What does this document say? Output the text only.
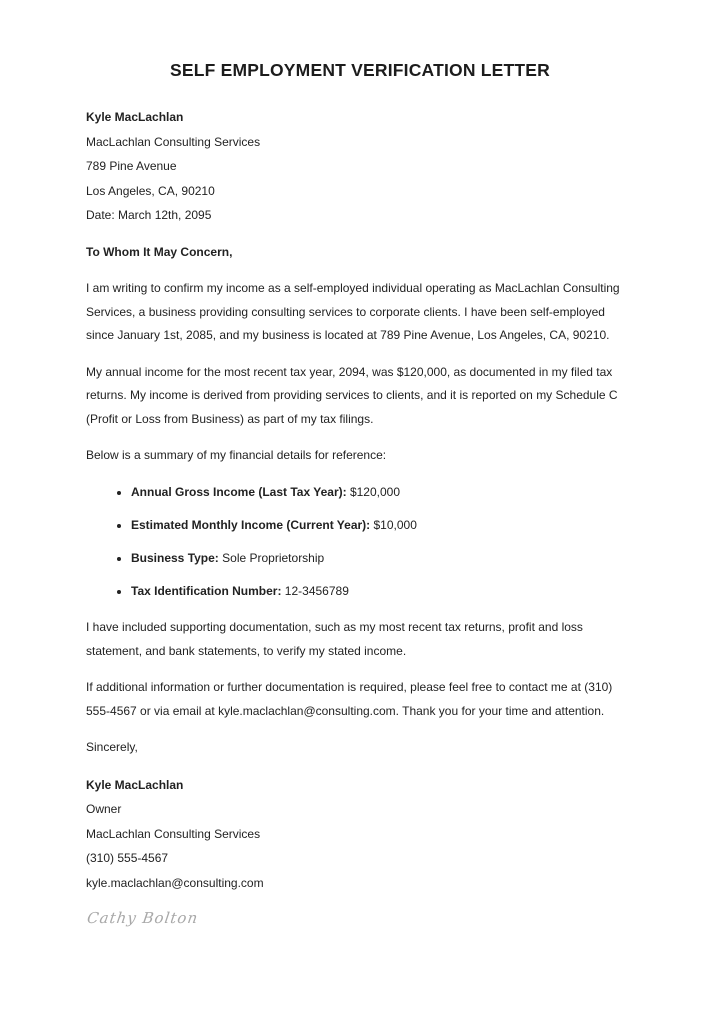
SELF EMPLOYMENT VERIFICATION LETTER

Kyle MacLachlan

MacLachlan Consulting Services

789 Pine Avenue

Los Angeles, CA, 90210

Date: March 12th, 2095

To Whom It May Concern,

I am writing to confirm my income as a self-employed individual operating as MacLachlan Consulting Services, a business providing consulting services to corporate clients. I have been self-employed since January 1st, 2085, and my business is located at 789 Pine Avenue, Los Angeles, CA, 90210.

My annual income for the most recent tax year, 2094, was $120,000, as documented in my filed tax returns. My income is derived from providing services to clients, and it is reported on my Schedule C (Profit or Loss from Business) as part of my tax filings.

Below is a summary of my financial details for reference:

• Annual Gross Income (Last Tax Year): $120,000
• Estimated Monthly Income (Current Year): $10,000
• Business Type: Sole Proprietorship
• Tax Identification Number: 12-3456789

I have included supporting documentation, such as my most recent tax returns, profit and loss statement, and bank statements, to verify my stated income.

If additional information or further documentation is required, please feel free to contact me at (310) 555-4567 or via email at kyle.maclachlan@consulting.com. Thank you for your time and attention.

Sincerely,

Kyle MacLachlan

Owner

MacLachlan Consulting Services

(310) 555-4567

kyle.maclachlan@consulting.com

Cathy Bolton
